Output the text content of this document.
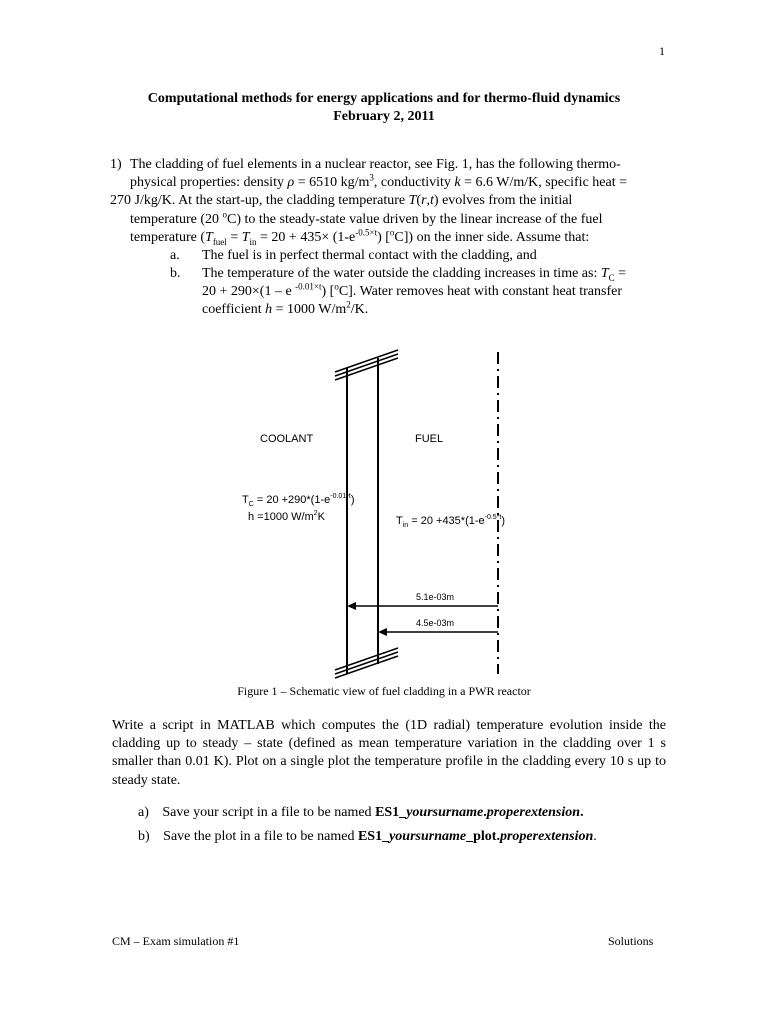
1
Computational methods for energy applications and for thermo-fluid dynamics
February 2, 2011
1) The cladding of fuel elements in a nuclear reactor, see Fig. 1, has the following thermo-
physical properties: density ρ = 6510 $kg/m^3$, conductivity k = 6.6 W/m/K, specific heat =
270 J/kg/K. At the start-up, the cladding temperature T(r,t) evolves from the initial
temperature (20 $^o$C) to the steady-state value driven by the linear increase of the fuel
temperature ($T_{fuel} = T_{in} = 20 + 435\times (1-e^{-0.5\times t})$ [$^o$C]) on the inner side. Assume that:
a. The fuel is in perfect thermal contact with the cladding, and
b. The temperature of the water outside the cladding increases in time as: $T_C$ =
20 + 290×(1 – e $^{-0.01\times t}$) [$^o$C]. Water removes heat with constant heat transfer
coefficient h = 1000 $W/m^2/K$.
COOLANT	FUEL
$T_C = 20 +290*(1-e^{-0.01*t})$
h =1000 $W/m^2K$	$T_{in} = 20 +435*(1-e^{-0.5*t})$
5.1e-03m
4.5e-03m
Figure 1 – Schematic view of fuel cladding in a PWR reactor
Write a script in MATLAB which computes the (1D radial) temperature evolution inside the cladding up to steady – state (defined as mean temperature variation in the cladding over 1 s smaller than 0.01 K). Plot on a single plot the temperature profile in the cladding every 10 s up to steady state.
a) Save your script in a file to be named ES1_yoursurname.properextension.
b) Save the plot in a file to be named ES1_yoursurname_plot.properextension.
CM – Exam simulation #1	Solutions
